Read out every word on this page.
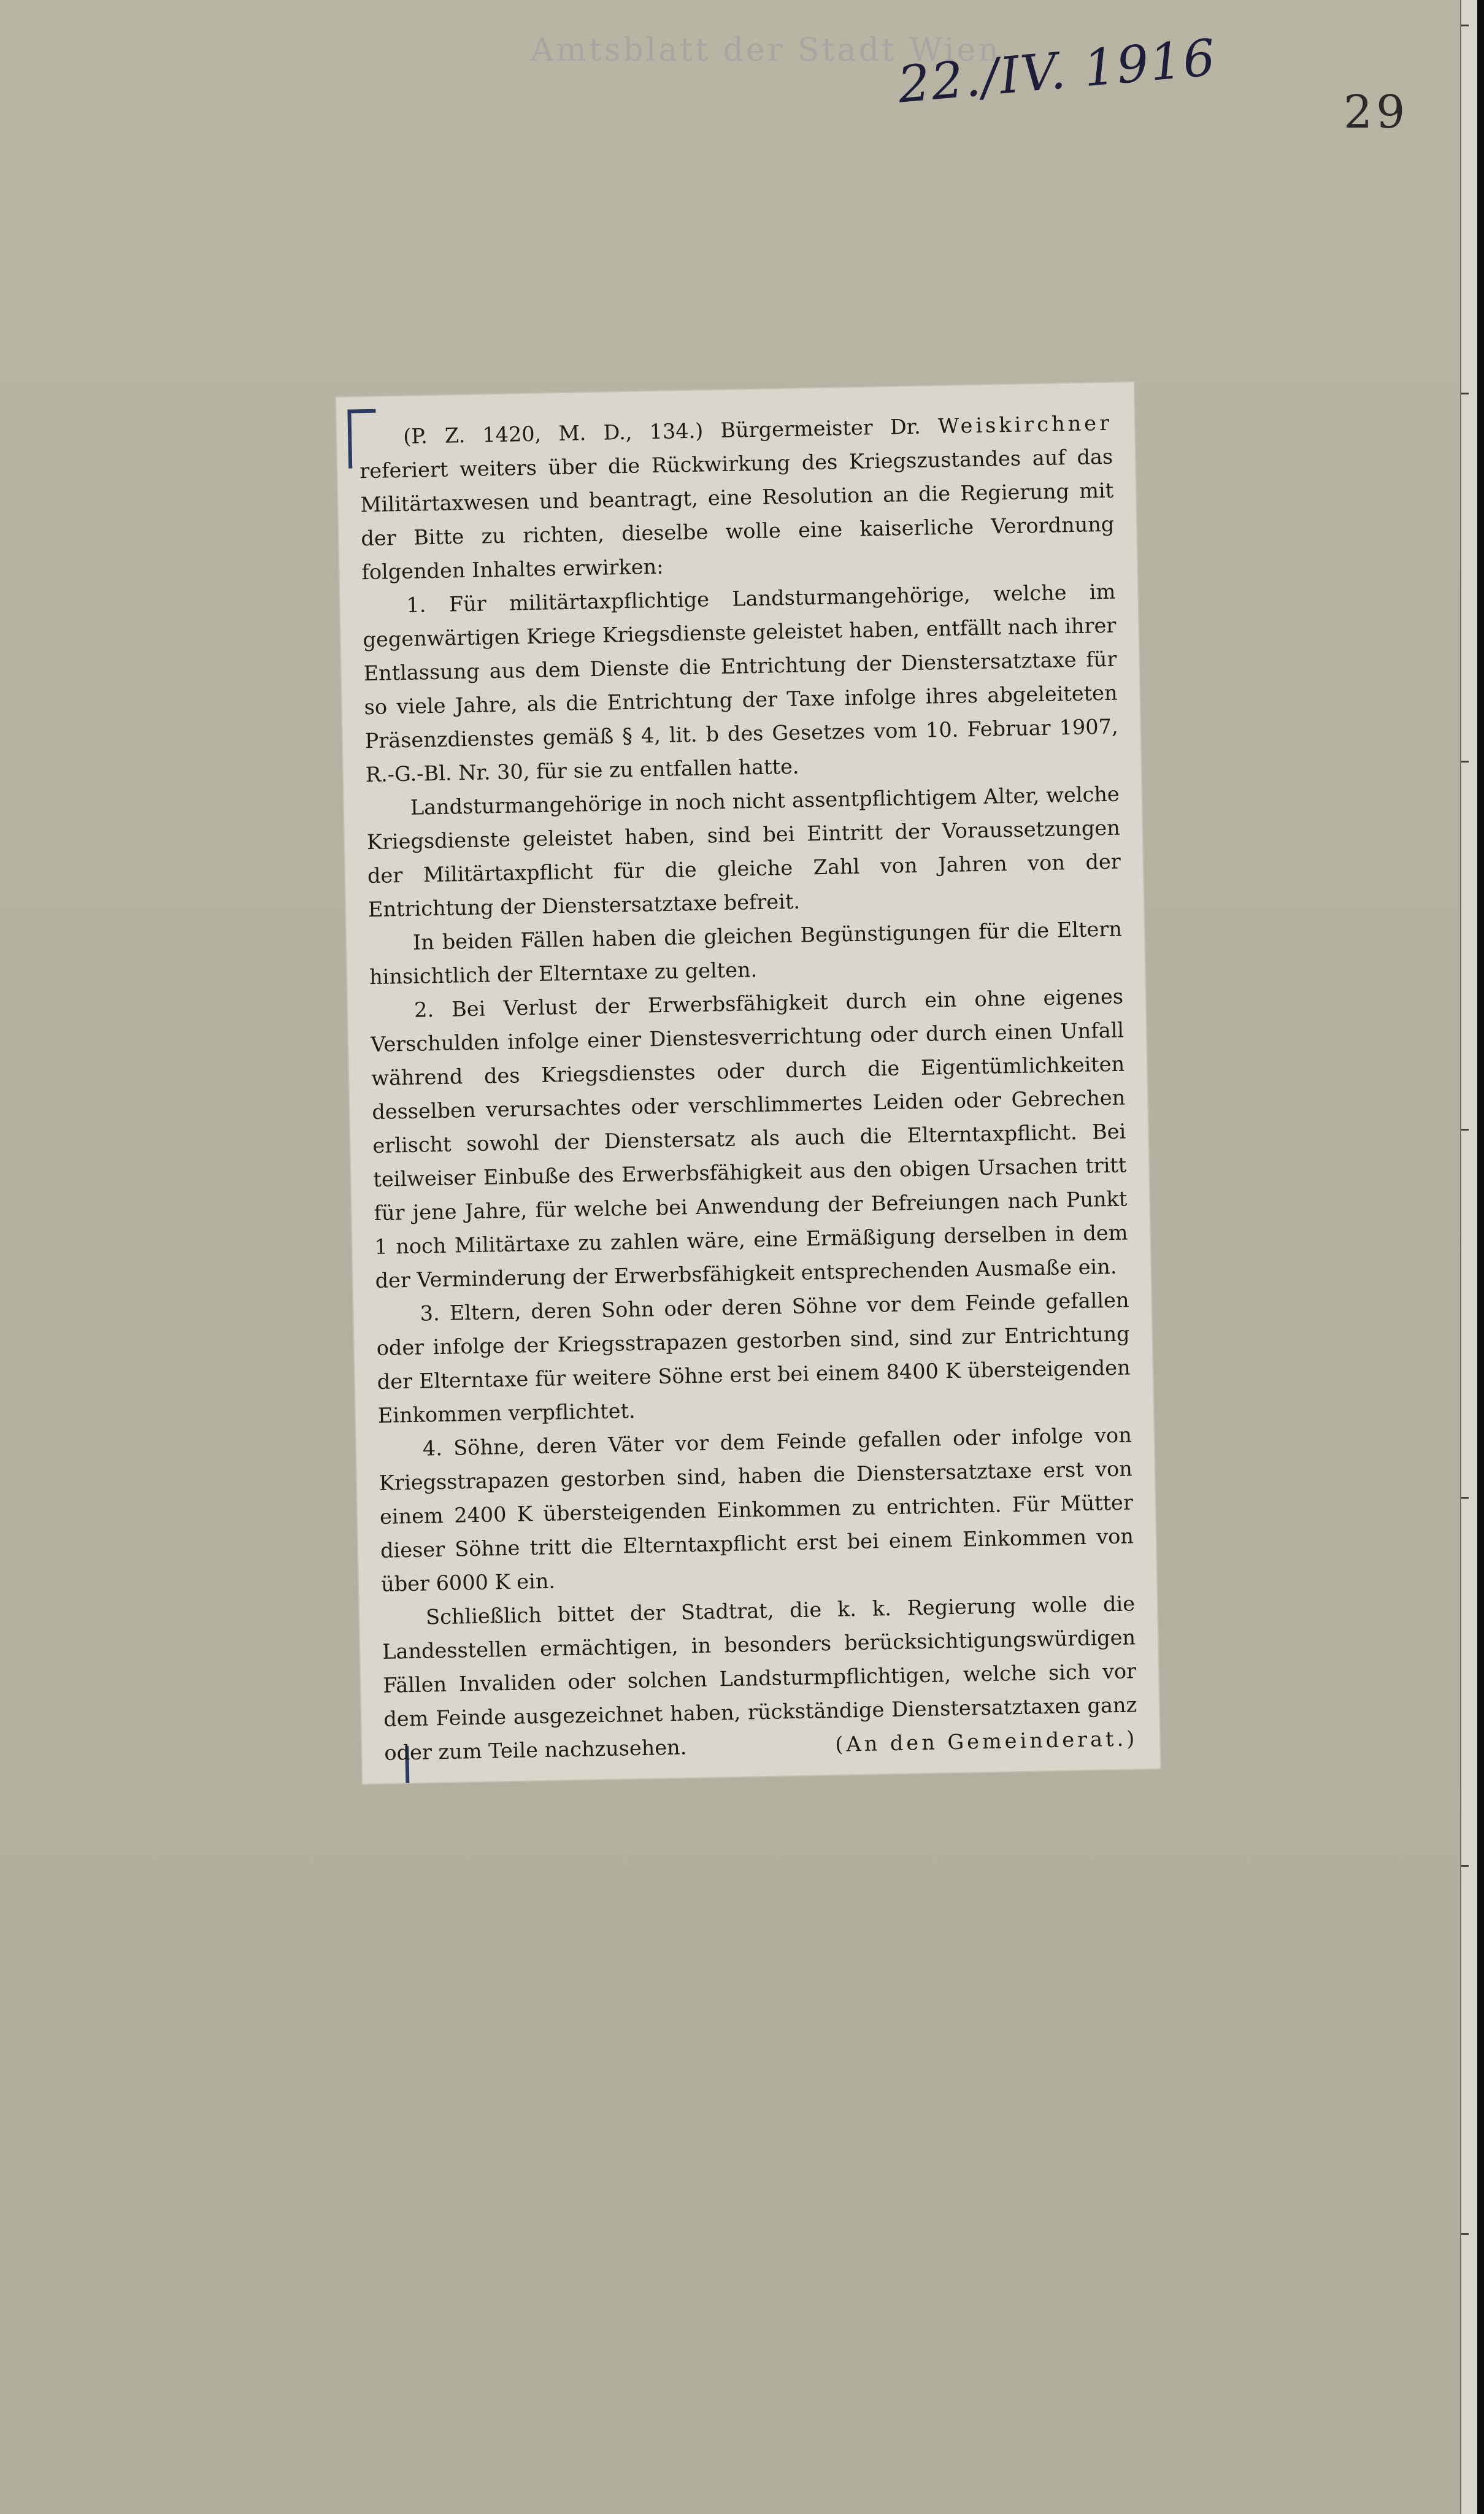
Amtsblatt der Stadt Wien
22./IV. 1916	29

(P. Z. 1420, M. D., 134.) Bürgermeister Dr. Weiskirchner referiert weiters über die Rückwirkung des Kriegszustandes auf das Militärtaxwesen und beantragt, eine Resolution an die Regierung mit der Bitte zu richten, dieselbe wolle eine kaiserliche Verordnung folgenden Inhaltes erwirken:

1. Für militärtaxpflichtige Landsturmangehörige, welche im gegenwärtigen Kriege Kriegsdienste geleistet haben, entfällt nach ihrer Entlassung aus dem Dienste die Entrichtung der Dienstersatztaxe für so viele Jahre, als die Entrichtung der Taxe infolge ihres abgeleiteten Präsenzdienstes gemäß § 4, lit. b des Gesetzes vom 10. Februar 1907, R.-G.-Bl. Nr. 30, für sie zu entfallen hatte.

Landsturmangehörige in noch nicht assentpflichtigem Alter, welche Kriegsdienste geleistet haben, sind bei Eintritt der Voraussetzungen der Militärtaxpflicht für die gleiche Zahl von Jahren von der Entrichtung der Dienstersatztaxe befreit.

In beiden Fällen haben die gleichen Begünstigungen für die Eltern hinsichtlich der Elterntaxe zu gelten.

2. Bei Verlust der Erwerbsfähigkeit durch ein ohne eigenes Verschulden infolge einer Dienstesverrichtung oder durch einen Unfall während des Kriegsdienstes oder durch die Eigentümlichkeiten desselben verursachtes oder verschlimmertes Leiden oder Gebrechen erlischt sowohl der Dienstersatz als auch die Elterntaxpflicht. Bei teilweiser Einbuße des Erwerbsfähigkeit aus den obigen Ursachen tritt für jene Jahre, für welche bei Anwendung der Befreiungen nach Punkt 1 noch Militärtaxe zu zahlen wäre, eine Ermäßigung derselben in dem der Verminderung der Erwerbsfähigkeit entsprechenden Ausmaße ein.

3. Eltern, deren Sohn oder deren Söhne vor dem Feinde gefallen oder infolge der Kriegsstrapazen gestorben sind, sind zur Entrichtung der Elterntaxe für weitere Söhne erst bei einem 8400 K übersteigenden Einkommen verpflichtet.

4. Söhne, deren Väter vor dem Feinde gefallen oder infolge von Kriegsstrapazen gestorben sind, haben die Dienstersatztaxe erst von einem 2400 K übersteigenden Einkommen zu entrichten. Für Mütter dieser Söhne tritt die Elterntaxpflicht erst bei einem Einkommen von über 6000 K ein.

Schließlich bittet der Stadtrat, die k. k. Regierung wolle die Landesstellen ermächtigen, in besonders berücksichtigungswürdigen Fällen Invaliden oder solchen Landsturmpflichtigen, welche sich vor dem Feinde ausgezeichnet haben, rückständige Dienstersatztaxen ganz oder zum Teile nachzusehen.	(An den Gemeinderat.)
